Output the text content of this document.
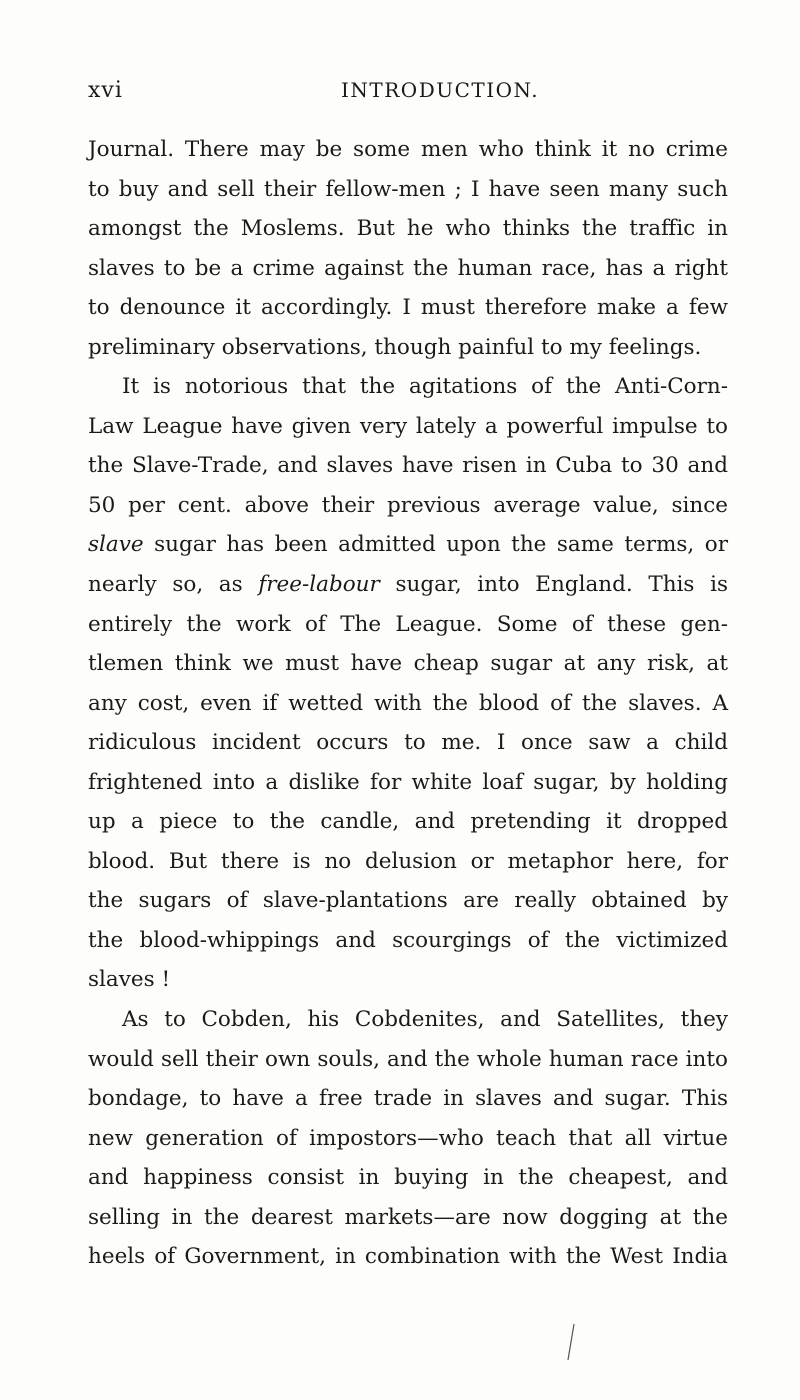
xvi	INTRODUCTION.
Journal. There may be some men who think it no crime
to buy and sell their fellow-men ; I have seen many such
amongst the Moslems. But he who thinks the traffic in
slaves to be a crime against the human race, has a right
to denounce it accordingly. I must therefore make a few
preliminary observations, though painful to my feelings.
It is notorious that the agitations of the Anti-Corn-
Law League have given very lately a powerful impulse to
the Slave-Trade, and slaves have risen in Cuba to 30 and
50 per cent. above their previous average value, since
slave sugar has been admitted upon the same terms, or
nearly so, as free-labour sugar, into England. This is
entirely the work of The League. Some of these gen-
tlemen think we must have cheap sugar at any risk, at
any cost, even if wetted with the blood of the slaves. A
ridiculous incident occurs to me. I once saw a child
frightened into a dislike for white loaf sugar, by holding
up a piece to the candle, and pretending it dropped
blood. But there is no delusion or metaphor here, for
the sugars of slave-plantations are really obtained by
the blood-whippings and scourgings of the victimized
slaves !
As to Cobden, his Cobdenites, and Satellites, they
would sell their own souls, and the whole human race into
bondage, to have a free trade in slaves and sugar. This
new generation of impostors—who teach that all virtue
and happiness consist in buying in the cheapest, and
selling in the dearest markets—are now dogging at the
heels of Government, in combination with the West India
